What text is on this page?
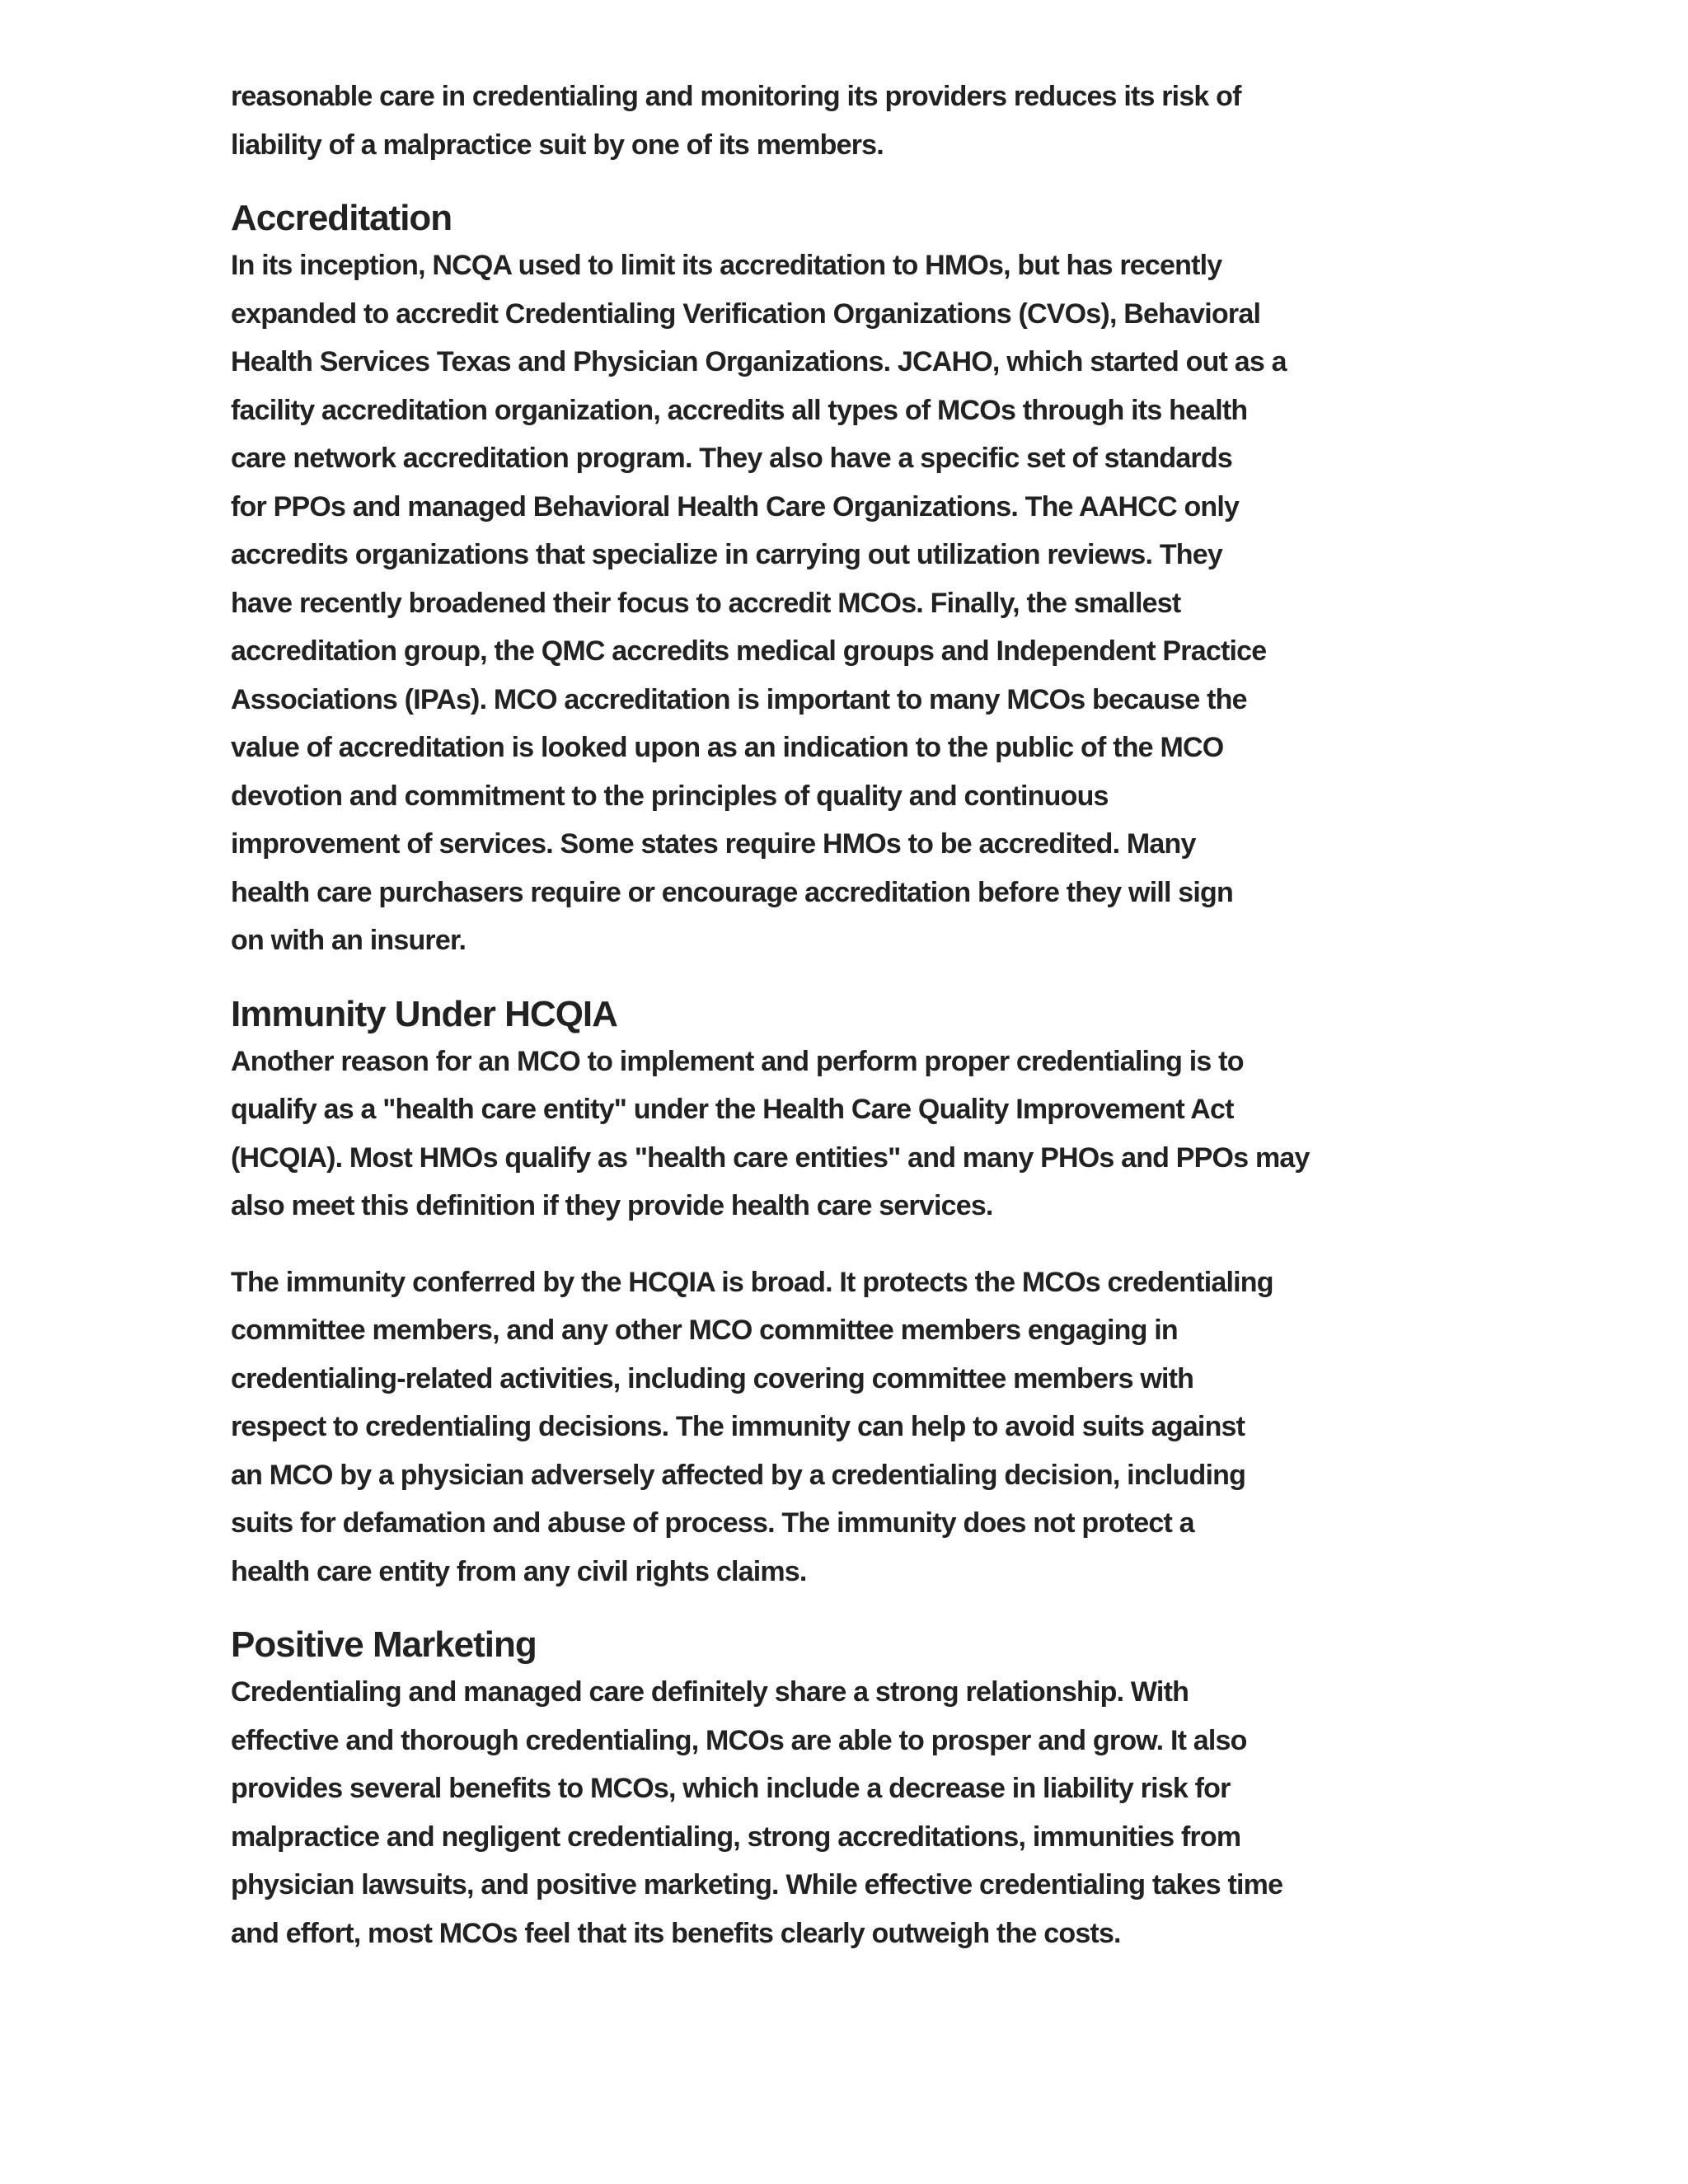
reasonable care in credentialing and monitoring its providers reduces its risk of
liability of a malpractice suit by one of its members.

Accreditation

In its inception, NCQA used to limit its accreditation to HMOs, but has recently
expanded to accredit Credentialing Verification Organizations (CVOs), Behavioral
Health Services Texas and Physician Organizations. JCAHO, which started out as a
facility accreditation organization, accredits all types of MCOs through its health
care network accreditation program. They also have a specific set of standards
for PPOs and managed Behavioral Health Care Organizations. The AAHCC only
accredits organizations that specialize in carrying out utilization reviews. They
have recently broadened their focus to accredit MCOs. Finally, the smallest
accreditation group, the QMC accredits medical groups and Independent Practice
Associations (IPAs). MCO accreditation is important to many MCOs because the
value of accreditation is looked upon as an indication to the public of the MCO
devotion and commitment to the principles of quality and continuous
improvement of services. Some states require HMOs to be accredited. Many
health care purchasers require or encourage accreditation before they will sign
on with an insurer.

Immunity Under HCQIA

Another reason for an MCO to implement and perform proper credentialing is to
qualify as a "health care entity" under the Health Care Quality Improvement Act
(HCQIA). Most HMOs qualify as "health care entities" and many PHOs and PPOs may
also meet this definition if they provide health care services.

The immunity conferred by the HCQIA is broad. It protects the MCOs credentialing
committee members, and any other MCO committee members engaging in
credentialing-related activities, including covering committee members with
respect to credentialing decisions. The immunity can help to avoid suits against
an MCO by a physician adversely affected by a credentialing decision, including
suits for defamation and abuse of process. The immunity does not protect a
health care entity from any civil rights claims.

Positive Marketing

Credentialing and managed care definitely share a strong relationship. With
effective and thorough credentialing, MCOs are able to prosper and grow. It also
provides several benefits to MCOs, which include a decrease in liability risk for
malpractice and negligent credentialing, strong accreditations, immunities from
physician lawsuits, and positive marketing. While effective credentialing takes time
and effort, most MCOs feel that its benefits clearly outweigh the costs.
